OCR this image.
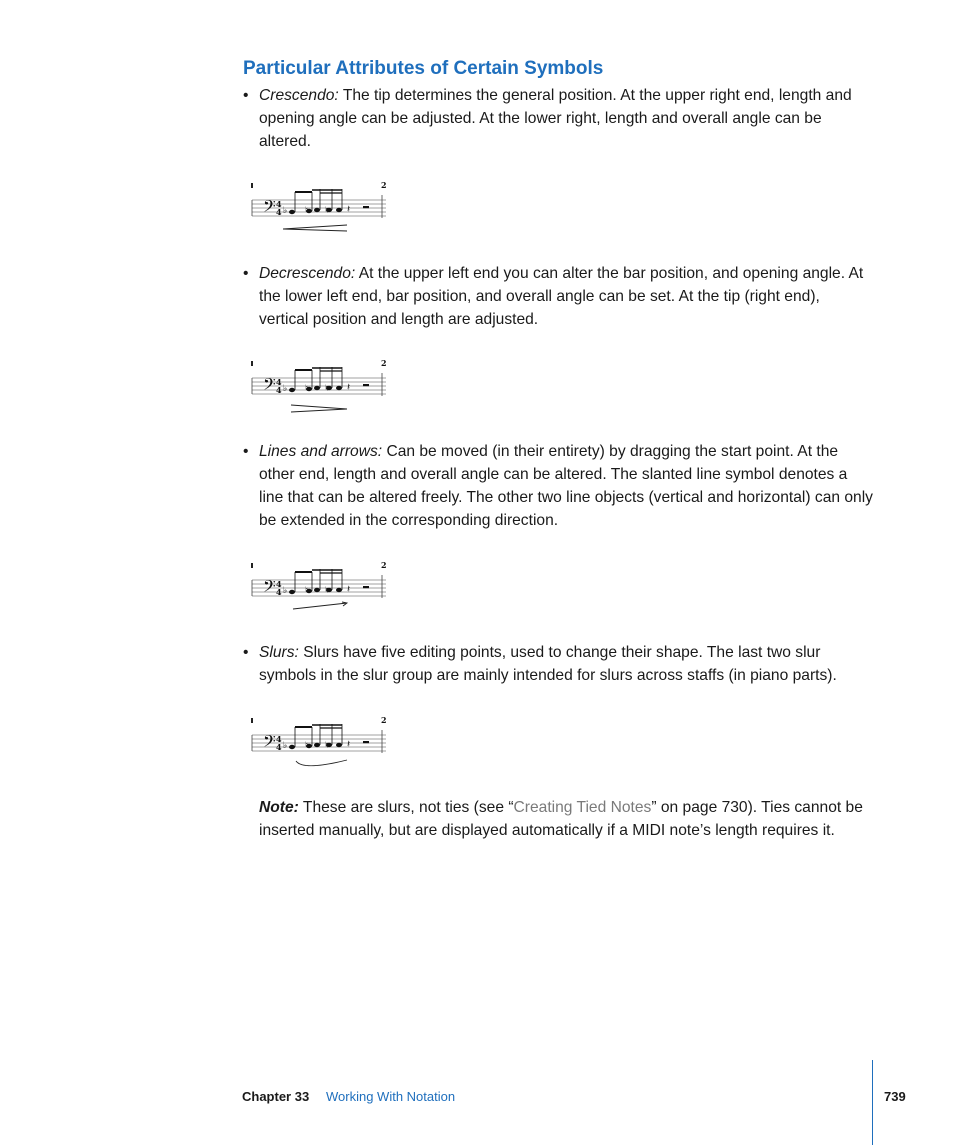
Particular Attributes of Certain Symbols
• Crescendo: The tip determines the general position. At the upper right end, length and opening angle can be adjusted. At the lower right, length and overall angle can be altered.
♭ ♮ ♮ 𝄽
𝄢 4
4
2
• Decrescendo: At the upper left end you can alter the bar position, and opening angle. At the lower left end, bar position, and overall angle can be set. At the tip (right end), vertical position and length are adjusted.
♭ ♮ ♮ 𝄽
𝄢 4
4
2
• Lines and arrows: Can be moved (in their entirety) by dragging the start point. At the other end, length and overall angle can be altered. The slanted line symbol denotes a line that can be altered freely. The other two line objects (vertical and horizontal) can only be extended in the corresponding direction.
♭ ♮ ♮ 𝄽
𝄢 4
4
2
• Slurs: Slurs have five editing points, used to change their shape. The last two slur symbols in the slur group are mainly intended for slurs across staffs (in piano parts).
♭ ♮ ♮ 𝄽
𝄢 4
4
2
Note: These are slurs, not ties (see “Creating Tied Notes” on page 730). Ties cannot be inserted manually, but are displayed automatically if a MIDI note’s length requires it.
Chapter 33 Working With Notation	739
